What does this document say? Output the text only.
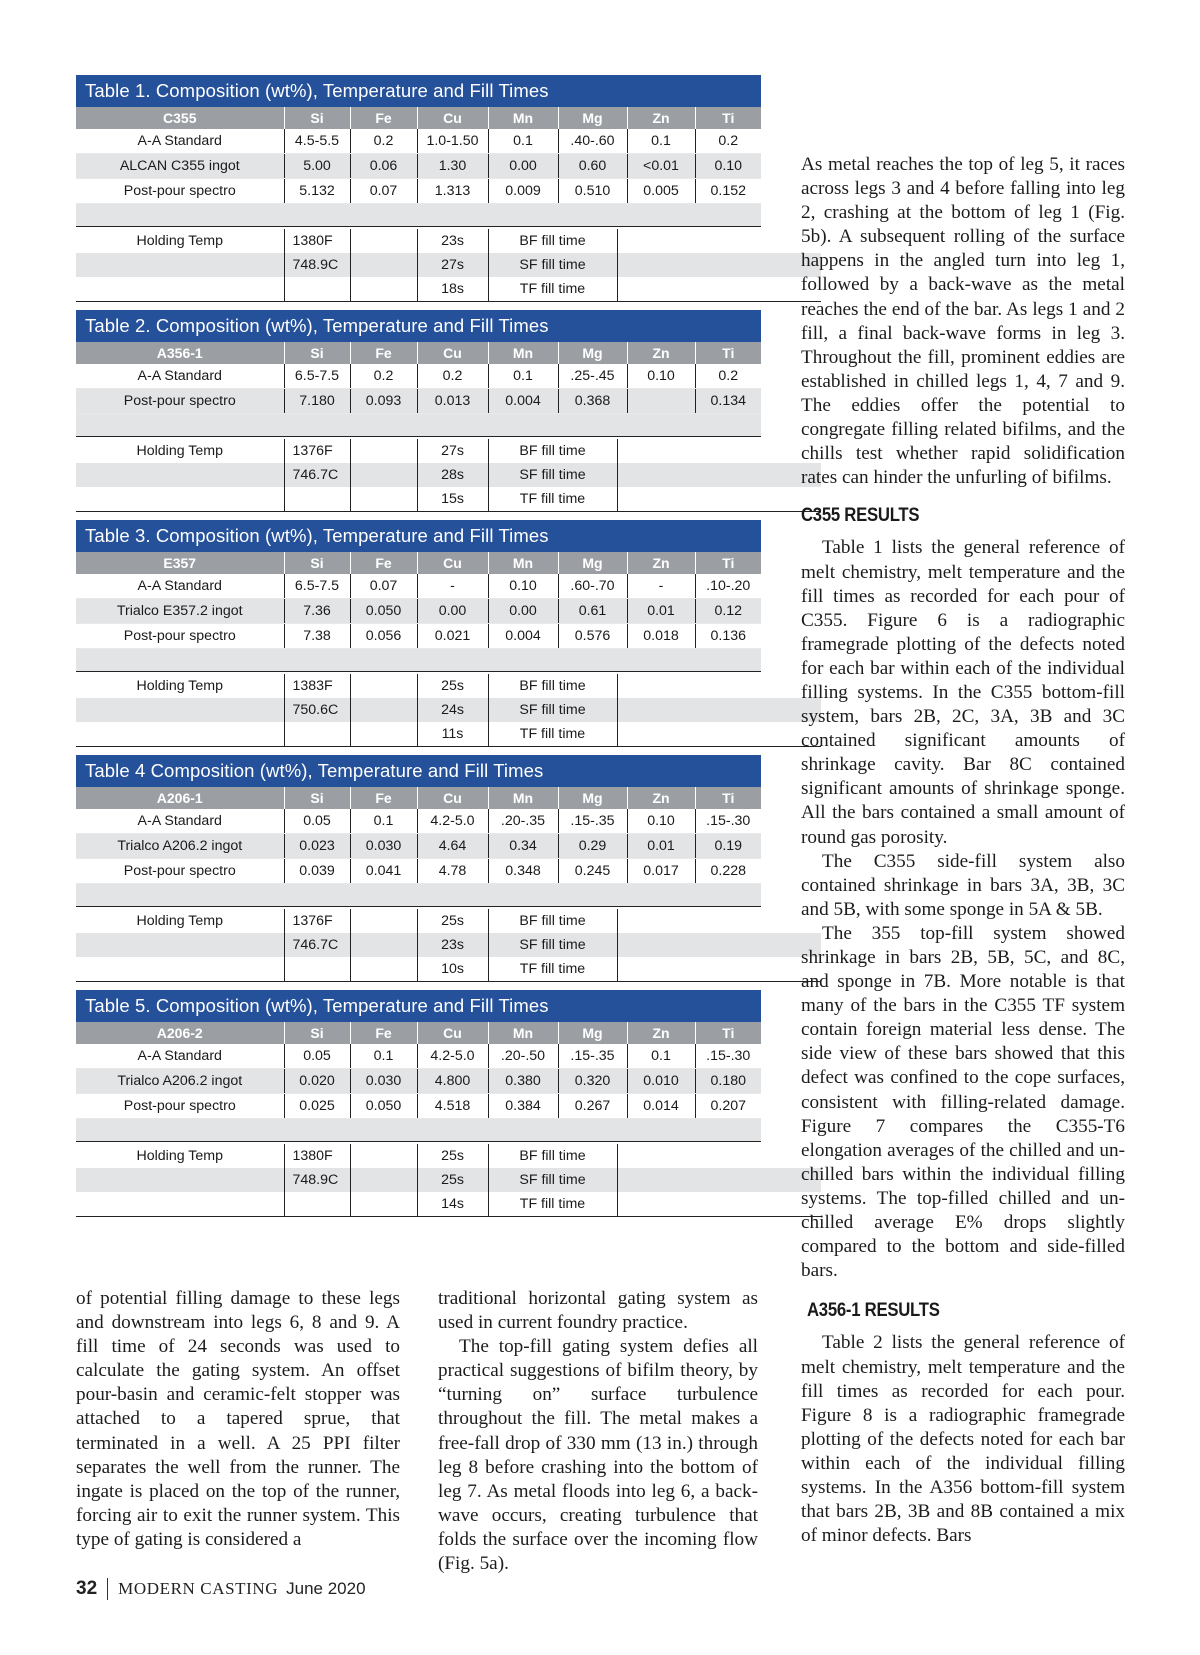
Table 1. Composition (wt%), Temperature and Fill Times
C355	Si	Fe	Cu	Mn	Mg	Zn	Ti
A-A Standard	4.5-5.5	0.2	1.0-1.50	0.1	.40-.60	0.1	0.2
ALCAN C355 ingot	5.00	0.06	1.30	0.00	0.60	<0.01	0.10
Post-pour spectro	5.132	0.07	1.313	0.009	0.510	0.005	0.152

Holding Temp	1380F		23s	BF fill time	
	748.9C		27s	SF fill time	
			18s	TF fill time	
Table 2. Composition (wt%), Temperature and Fill Times
A356-1	Si	Fe	Cu	Mn	Mg	Zn	Ti
A-A Standard	6.5-7.5	0.2	0.2	0.1	.25-.45	0.10	0.2
Post-pour spectro	7.180	0.093	0.013	0.004	0.368		0.134

Holding Temp	1376F		27s	BF fill time	
	746.7C		28s	SF fill time	
			15s	TF fill time	
Table 3. Composition (wt%), Temperature and Fill Times
E357	Si	Fe	Cu	Mn	Mg	Zn	Ti
A-A Standard	6.5-7.5	0.07	-	0.10	.60-.70	-	.10-.20
Trialco E357.2 ingot	7.36	0.050	0.00	0.00	0.61	0.01	0.12
Post-pour spectro	7.38	0.056	0.021	0.004	0.576	0.018	0.136

Holding Temp	1383F		25s	BF fill time	
	750.6C		24s	SF fill time	
			11s	TF fill time	
Table 4 Composition (wt%), Temperature and Fill Times
A206-1	Si	Fe	Cu	Mn	Mg	Zn	Ti
A-A Standard	0.05	0.1	4.2-5.0	.20-.35	.15-.35	0.10	.15-.30
Trialco A206.2 ingot	0.023	0.030	4.64	0.34	0.29	0.01	0.19
Post-pour spectro	0.039	0.041	4.78	0.348	0.245	0.017	0.228

Holding Temp	1376F		25s	BF fill time	
	746.7C		23s	SF fill time	
			10s	TF fill time	
Table 5. Composition (wt%), Temperature and Fill Times
A206-2	Si	Fe	Cu	Mn	Mg	Zn	Ti
A-A Standard	0.05	0.1	4.2-5.0	.20-.50	.15-.35	0.1	.15-.30
Trialco A206.2 ingot	0.020	0.030	4.800	0.380	0.320	0.010	0.180
Post-pour spectro	0.025	0.050	4.518	0.384	0.267	0.014	0.207

Holding Temp	1380F		25s	BF fill time	
	748.9C		25s	SF fill time	
			14s	TF fill time	

of potential filling damage to these legs and downstream into legs 6, 8 and 9. A fill time of 24 seconds was used to calculate the gating system. An offset pour-basin and ceramic-felt stopper was attached to a tapered sprue, that terminated in a well. A 25 PPI filter separates the well from the runner. The ingate is placed on the top of the runner, forcing air to exit the runner system. This type of gating is considered a

traditional horizontal gating system as used in current foundry practice.

The top-fill gating system defies all practical suggestions of bifilm theory, by “turning on” surface turbulence throughout the fill. The metal makes a free-fall drop of 330 mm (13 in.) through leg 8 before crashing into the bottom of leg 7. As metal floods into leg 6, a back-wave occurs, creating turbulence that folds the surface over the incoming flow (Fig. 5a).

As metal reaches the top of leg 5, it races across legs 3 and 4 before falling into leg 2, crashing at the bottom of leg 1 (Fig. 5b). A subsequent rolling of the surface happens in the angled turn into leg 1, followed by a back-wave as the metal reaches the end of the bar. As legs 1 and 2 fill, a final back-wave forms in leg 3. Throughout the fill, prominent eddies are established in chilled legs 1, 4, 7 and 9. The eddies offer the potential to congregate filling related bifilms, and the chills test whether rapid solidification rates can hinder the unfurling of bifilms.

C355 RESULTS

Table 1 lists the general reference of melt chemistry, melt temperature and the fill times as recorded for each pour of C355. Figure 6 is a radiographic framegrade plotting of the defects noted for each bar within each of the individual filling systems. In the C355 bottom-fill system, bars 2B, 2C, 3A, 3B and 3C contained significant amounts of shrinkage cavity. Bar 8C contained significant amounts of shrinkage sponge. All the bars contained a small amount of round gas porosity.

The C355 side-fill system also contained shrinkage in bars 3A, 3B, 3C and 5B, with some sponge in 5A & 5B.

The 355 top-fill system showed shrinkage in bars 2B, 5B, 5C, and 8C, and sponge in 7B. More notable is that many of the bars in the C355 TF system contain foreign material less dense. The side view of these bars showed that this defect was confined to the cope surfaces, consistent with filling-related damage. Figure 7 compares the C355-T6 elongation averages of the chilled and un-chilled bars within the individual filling systems. The top-filled chilled and un-chilled average E% drops slightly compared to the bottom and side-filled bars.

A356-1 RESULTS

Table 2 lists the general reference of melt chemistry, melt temperature and the fill times as recorded for each pour. Figure 8 is a radiographic framegrade plotting of the defects noted for each bar within each of the individual filling systems. In the A356 bottom-fill system that bars 2B, 3B and 8B contained a mix of minor defects. Bars

32 MODERN CASTING June 2020
